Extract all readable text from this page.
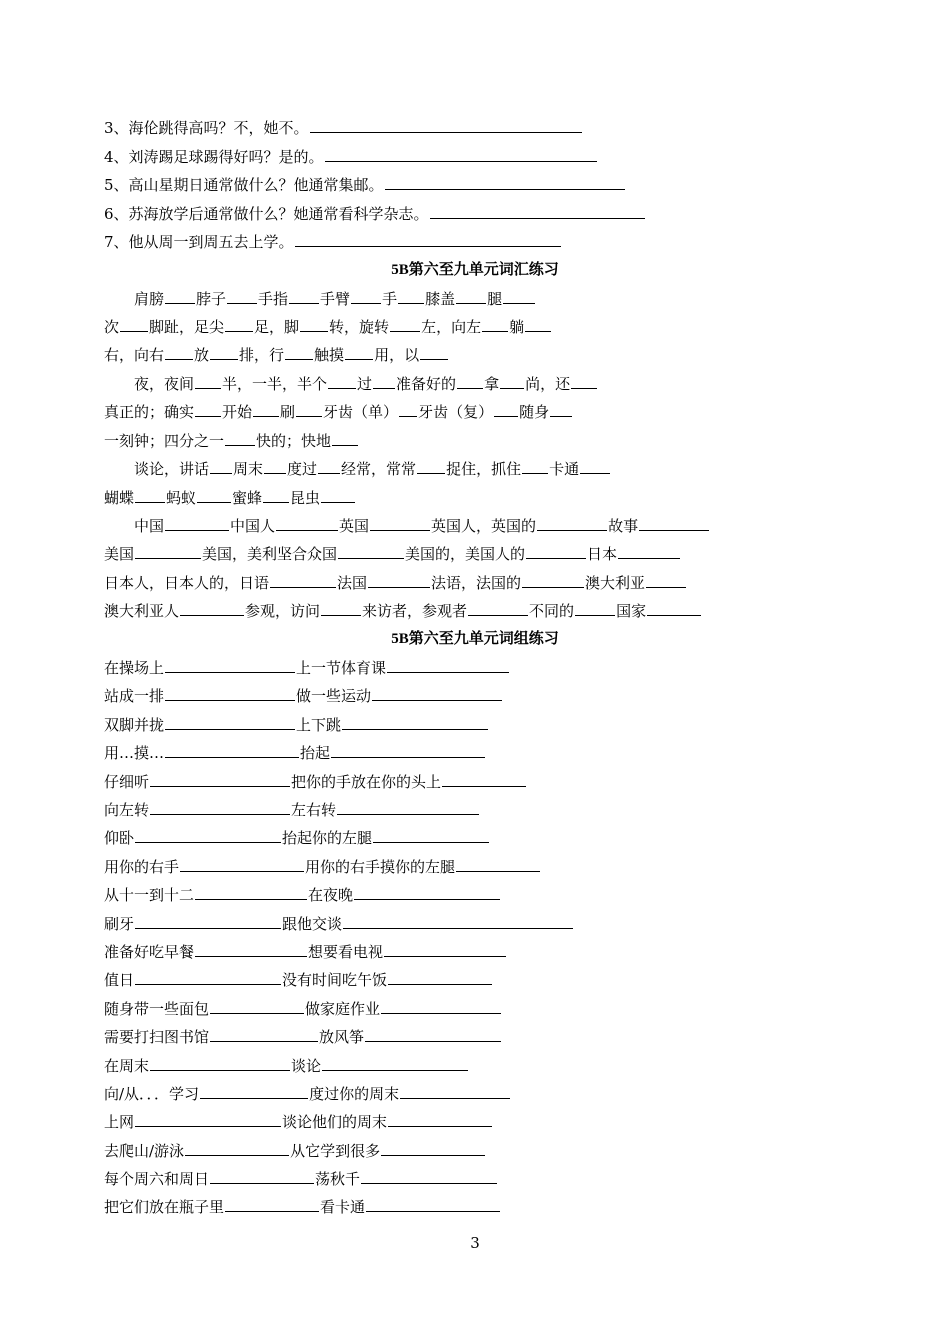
3、海伦跳得高吗？不，她不。
4、刘涛踢足球踢得好吗？是的。
5、高山星期日通常做什么？他通常集邮。
6、苏海放学后通常做什么？她通常看科学杂志。
7、他从周一到周五去上学。
5B第六至九单元词汇练习
肩膀 脖子 手指 手臂 手 膝盖 腿
次 脚趾，足尖 足，脚 转，旋转 左，向左 躺
右，向右 放 排，行 触摸 用，以
夜，夜间 半，一半，半个 过 准备好的 拿 尚，还
真正的；确实 开始 刷 牙齿（单） 牙齿（复） 随身
一刻钟；四分之一 快的；快地
谈论，讲话 周末 度过 经常，常常 捉住，抓住 卡通
蝴蝶 蚂蚁 蜜蜂 昆虫
中国	中国人	英国	英国人，英国的	故事
美国	美国，美利坚合众国	美国的，美国人的	日本
日本人，日本人的，日语	法国	法语，法国的	澳大利亚
澳大利亚人	参观，访问	来访者，参观者	不同的	国家
5B第六至九单元词组练习
在操场上	上一节体育课
站成一排	做一些运动
双脚并拢	上下跳
用…摸…	抬起
仔细听	把你的手放在你的头上
向左转	左右转
仰卧	抬起你的左腿
用你的右手	用你的右手摸你的左腿
从十一到十二	在夜晚
刷牙	跟他交谈
准备好吃早餐	想要看电视
值日	没有时间吃午饭
随身带一些面包	做家庭作业
需要打扫图书馆	放风筝
在周末	谈论
向/从．．．学习	度过你的周末
上网	谈论他们的周末
去爬山/游泳	从它学到很多
每个周六和周日	荡秋千
把它们放在瓶子里	看卡通
3
